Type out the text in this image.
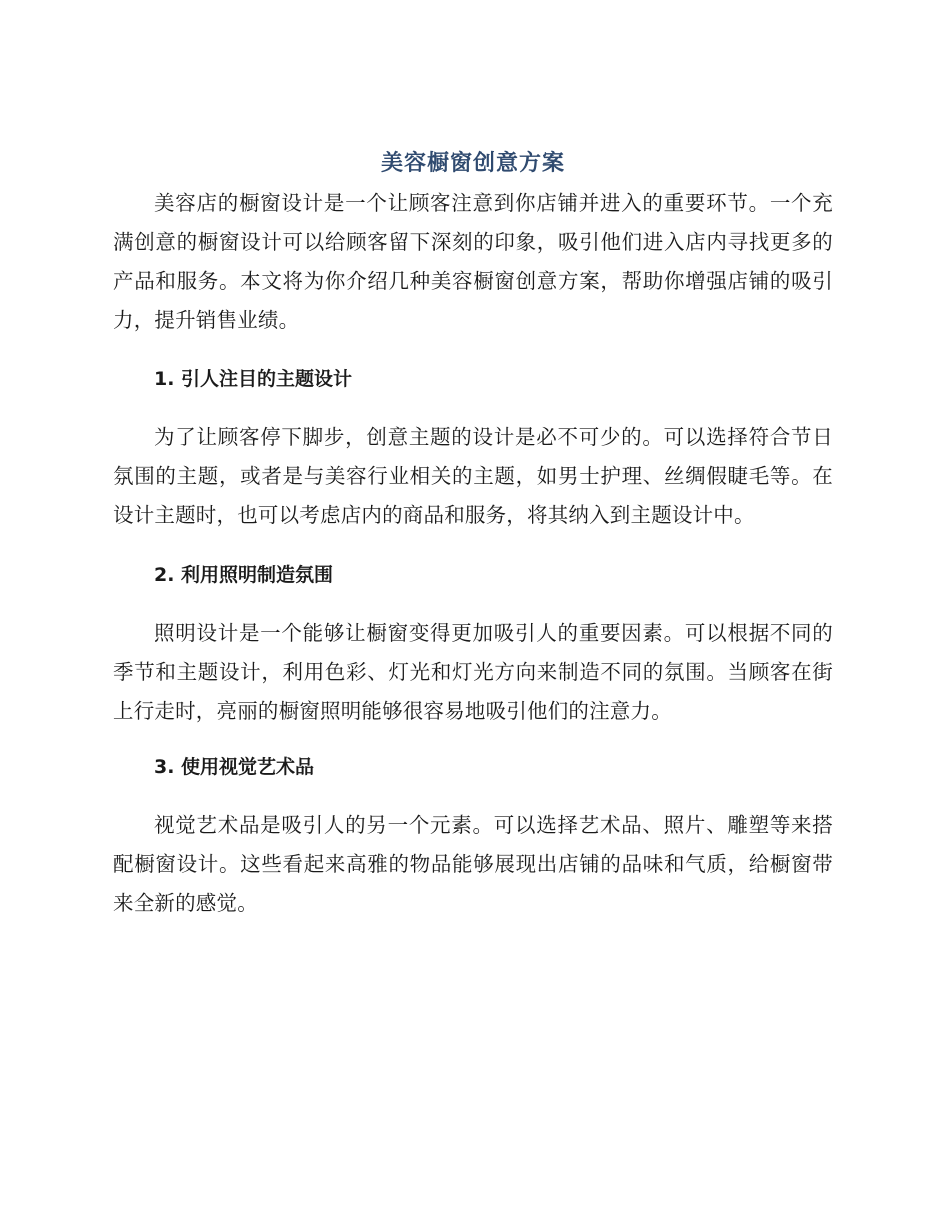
美容橱窗创意方案

美容店的橱窗设计是一个让顾客注意到你店铺并进入的重要环节。一个充满创意的橱窗设计可以给顾客留下深刻的印象，吸引他们进入店内寻找更多的产品和服务。本文将为你介绍几种美容橱窗创意方案，帮助你增强店铺的吸引力，提升销售业绩。

1. 引人注目的主题设计

为了让顾客停下脚步，创意主题的设计是必不可少的。可以选择符合节日氛围的主题，或者是与美容行业相关的主题，如男士护理、丝绸假睫毛等。在设计主题时，也可以考虑店内的商品和服务，将其纳入到主题设计中。

2. 利用照明制造氛围

照明设计是一个能够让橱窗变得更加吸引人的重要因素。可以根据不同的季节和主题设计，利用色彩、灯光和灯光方向来制造不同的氛围。当顾客在街上行走时，亮丽的橱窗照明能够很容易地吸引他们的注意力。

3. 使用视觉艺术品

视觉艺术品是吸引人的另一个元素。可以选择艺术品、照片、雕塑等来搭配橱窗设计。这些看起来高雅的物品能够展现出店铺的品味和气质，给橱窗带来全新的感觉。
